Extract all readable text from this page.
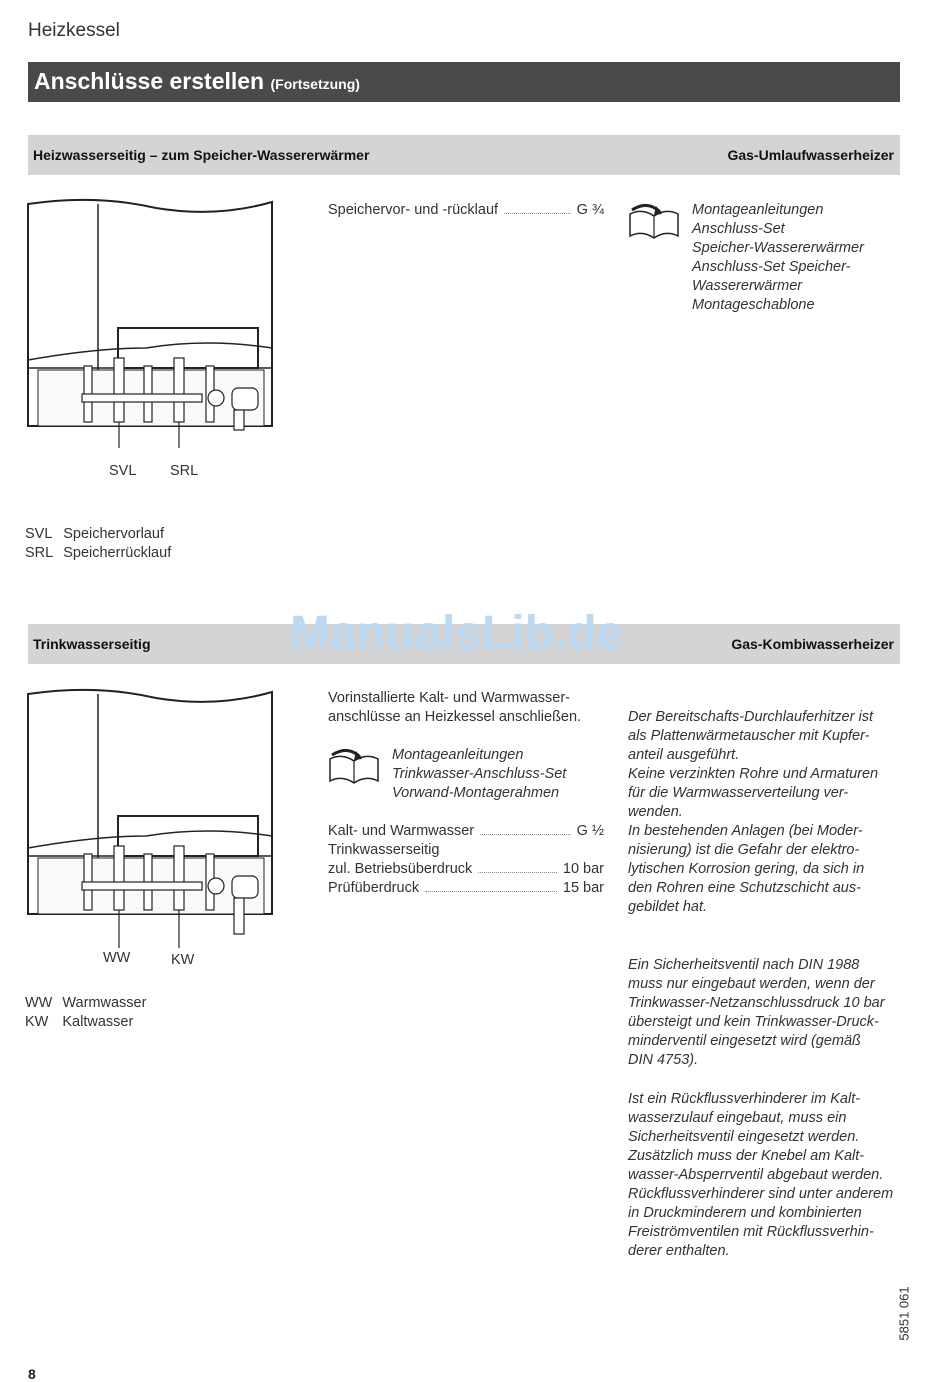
Heizkessel
Anschlüsse erstellen (Fortsetzung)
Heizwasserseitig – zum Speicher-Wassererwärmer	Gas-Umlaufwasserheizer
SVL SRL
SVL	Speichervorlauf
SRL	Speicherrücklauf
Speichervor- und -rücklauf	G ¾	Montageanleitungen
Anschluss-Set
Speicher-Wassererwärmer
Anschluss-Set Speicher-
Wassererwärmer
Montageschablone
Trinkwasserseitig	Gas-Kombiwasserheizer
ManualsLib.de
WW	KW
WW	Warmwasser
KW	Kaltwasser
Vorinstallierte Kalt- und Warmwasser-
anschlüsse an Heizkessel anschließen.
Montageanleitungen
Trinkwasser-Anschluss-Set
Vorwand-Montagerahmen
Kalt- und Warmwasser	G ½
Trinkwasserseitig
zul. Betriebsüberdruck	10 bar
Prüfüberdruck	15 bar
Der Bereitschafts-Durchlauferhitzer ist
als Plattenwärmetauscher mit Kupfer-
anteil ausgeführt.
Keine verzinkten Rohre und Armaturen
für die Warmwasserverteilung ver-
wenden.
In bestehenden Anlagen (bei Moder-
nisierung) ist die Gefahr der elektro-
lytischen Korrosion gering, da sich in
den Rohren eine Schutzschicht aus-
gebildet hat.
Ein Sicherheitsventil nach DIN 1988
muss nur eingebaut werden, wenn der
Trinkwasser-Netzanschlussdruck 10 bar
übersteigt und kein Trinkwasser-Druck-
minderventil eingesetzt wird (gemäß
DIN 4753).
Ist ein Rückflussverhinderer im Kalt-
wasserzulauf eingebaut, muss ein
Sicherheitsventil eingesetzt werden.
Zusätzlich muss der Knebel am Kalt-
wasser-Absperrventil abgebaut werden.
Rückflussverhinderer sind unter anderem
in Druckminderern und kombinierten
Freiströmventilen mit Rückflussverhin-
derer enthalten.
5851 061
8
